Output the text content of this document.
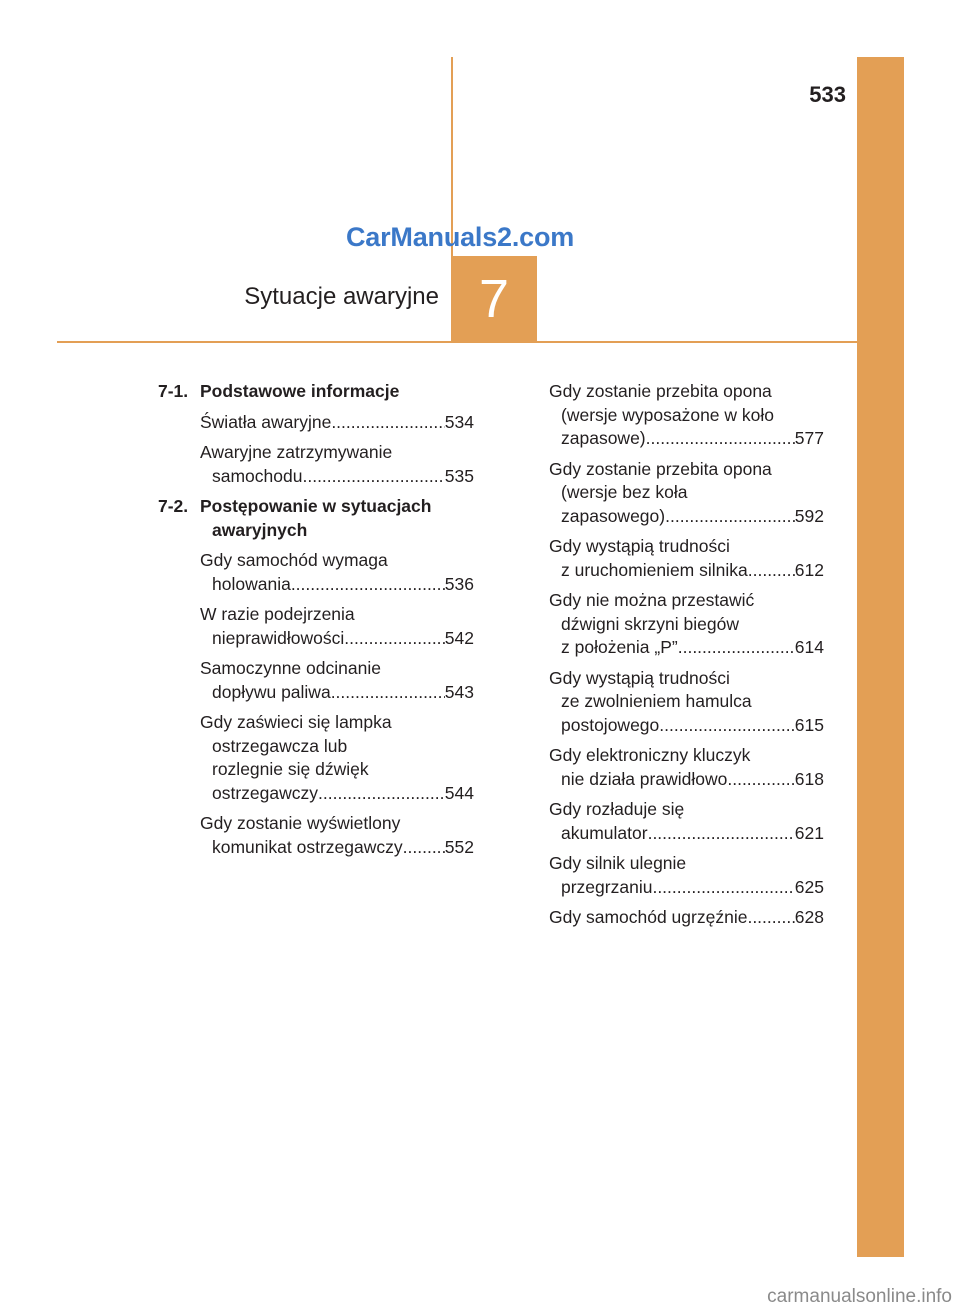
7
533
CarManuals2.com
Sytuacje awaryjne
7-1. Podstawowe informacje
Światła awaryjne .....	534
Awaryjne zatrzymywanie
samochodu .....	535
7-2. Postępowanie w sytuacjach
awaryjnych
Gdy samochód wymaga
holowania .....	536
W razie podejrzenia
nieprawidłowości .....	542
Samoczynne odcinanie
dopływu paliwa .....	543
Gdy zaświeci się lampka
ostrzegawcza lub
rozlegnie się dźwięk
ostrzegawczy .....	544
Gdy zostanie wyświetlony
komunikat ostrzegawczy ..... 552
Gdy zostanie przebita opona
(wersje wyposażone w koło
zapasowe) .....	577
Gdy zostanie przebita opona
(wersje bez koła
zapasowego) .....	592
Gdy wystąpią trudności
z uruchomieniem silnika .....	612
Gdy nie można przestawić
dźwigni skrzyni biegów
z położenia „P” .....	614
Gdy wystąpią trudności
ze zwolnieniem hamulca
postojowego .....	615
Gdy elektroniczny kluczyk
nie działa prawidłowo .....	618
Gdy rozładuje się
akumulator .....	621
Gdy silnik ulegnie
przegrzaniu .....	625
Gdy samochód ugrzęźnie .....	628
carmanualsonline.info
